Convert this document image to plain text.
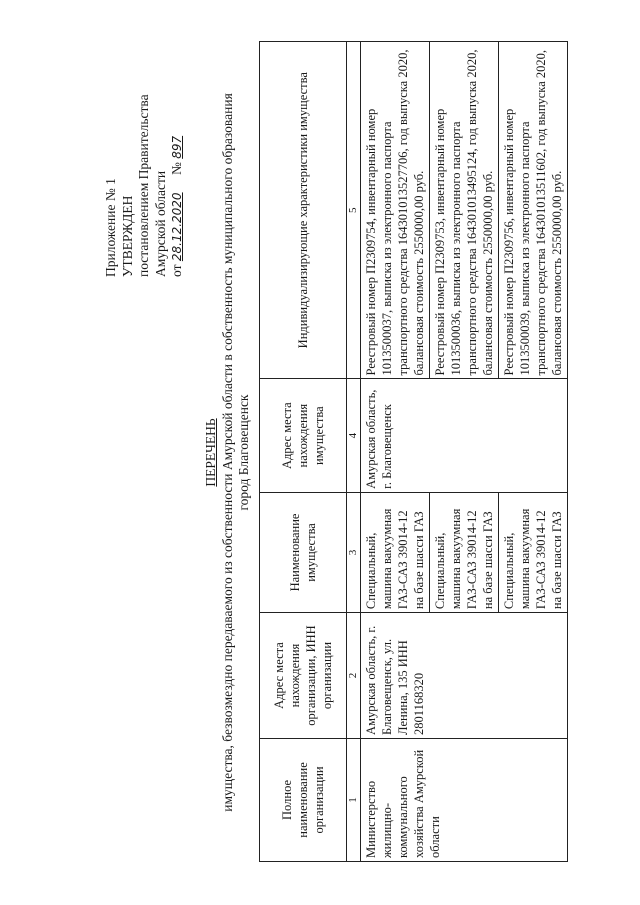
Приложение № 1 УТВЕРЖДЕН постановлением Правительства Амурской области от 28.12.2020 № 897
ПЕРЕЧЕНЬ имущества, безвозмездно передаваемого из собственности Амурской области в собственность муниципального образования город Благовещенск
Полное наименование организации	Адрес места нахождения организации, ИНН организации	Наименование имущества	Адрес места нахождения имущества	Индивидуализирующие характеристики имущества
1	2	3	4	5
Министерство жилищно-коммунального хозяйства Амурской области	Амурская область, г. Благовещенск, ул. Ленина, 135 ИНН 2801168320	Специальный, машина вакуумная ГАЗ-САЗ 39014-12 на базе шасси ГАЗ	Амурская область, г. Благовещенск	Реестровый номер П2309754, инвентарный номер 1013500037, выписка из электронного паспорта транспортного средства 164301013527706, год выпуска 2020, балансовая стоимость 2550000,00 руб.
		Специальный, машина вакуумная ГАЗ-САЗ 39014-12 на базе шасси ГАЗ		Реестровый номер П2309753, инвентарный номер 1013500036, выписка из электронного паспорта транспортного средства 164301013495124, год выпуска 2020, балансовая стоимость 2550000,00 руб.
		Специальный, машина вакуумная ГАЗ-САЗ 39014-12 на базе шасси ГАЗ		Реестровый номер П2309756, инвентарный номер 1013500039, выписка из электронного паспорта транспортного средства 164301013511602, год выпуска 2020, балансовая стоимость 2550000,00 руб.
